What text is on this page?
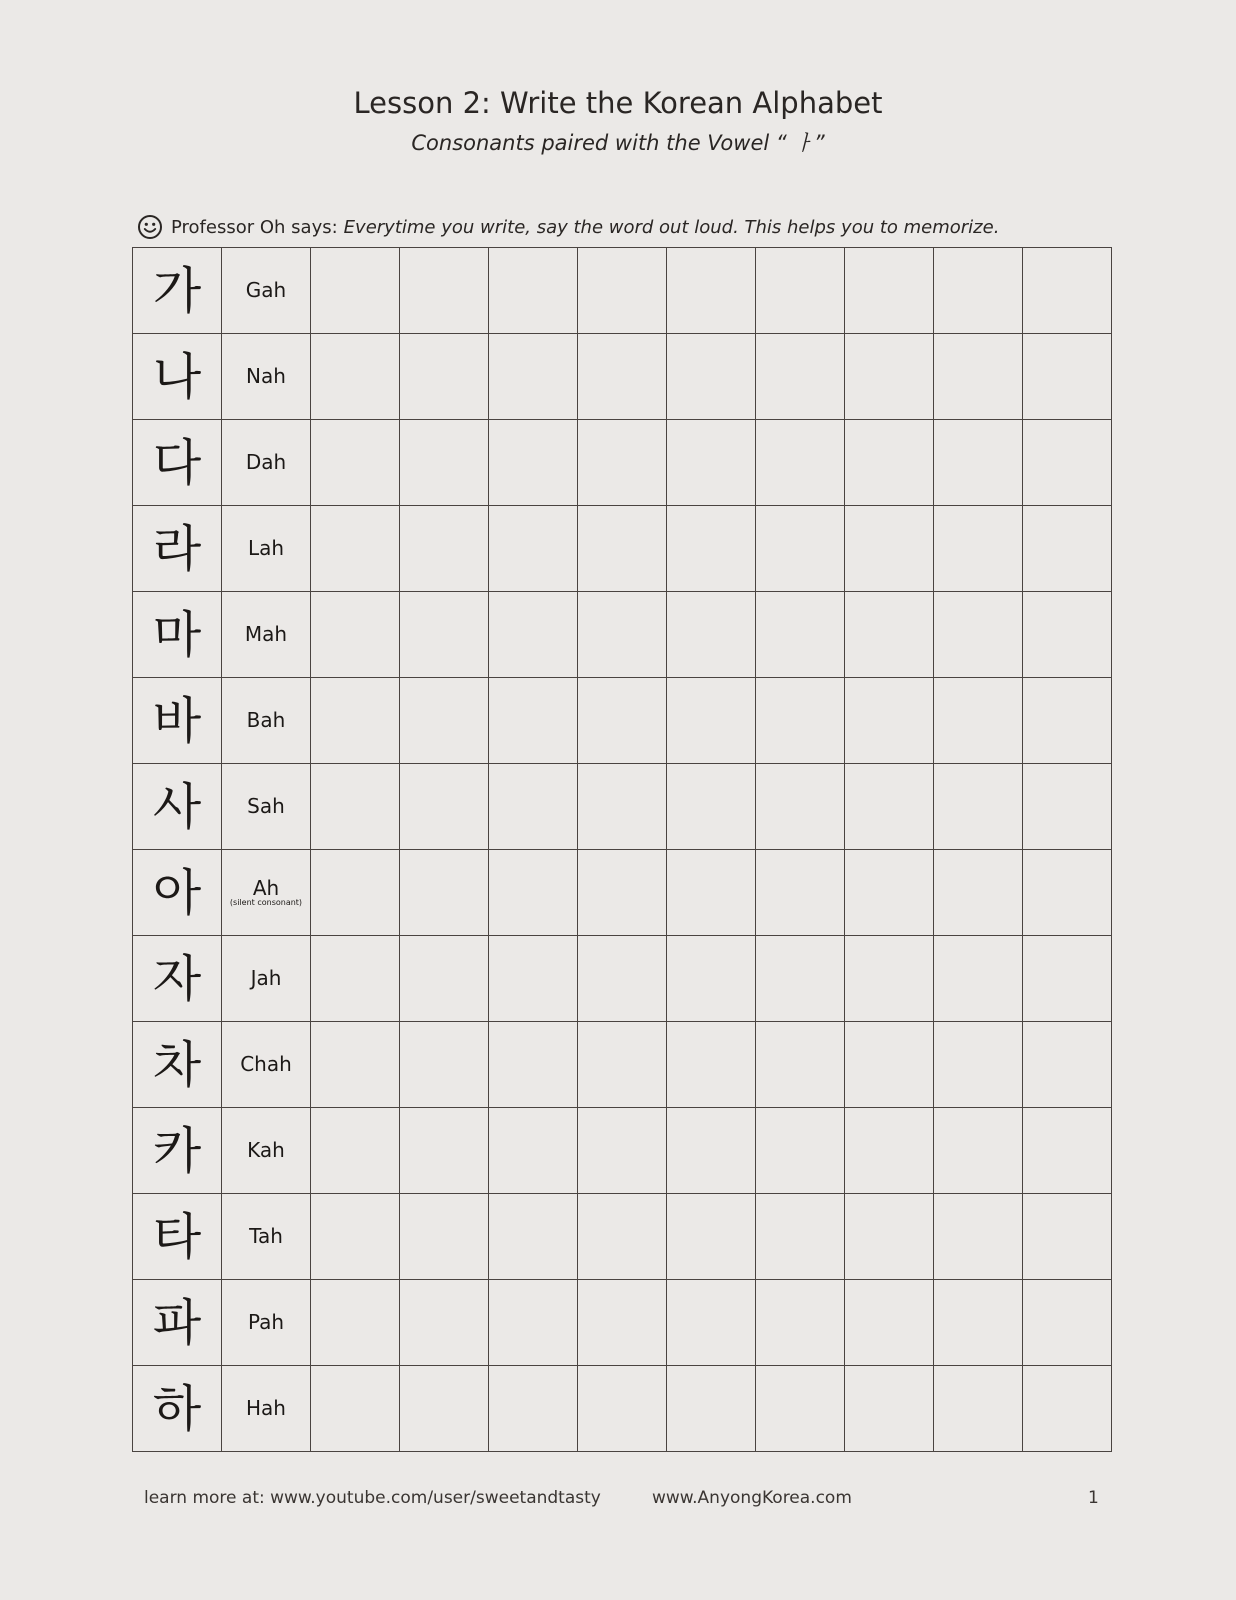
Lesson 2: Write the Korean Alphabet
Consonants paired with the Vowel “ ㅏ”
Professor Oh says: Everytime you write, say the word out loud. This helps you to memorize.
가	Gah									
나	Nah									
다	Dah									
라	Lah									
마	Mah									
바	Bah									
사	Sah									
아	Ah
(silent consonant)									

자	Jah									
차	Chah									
카	Kah									
타	Tah									
파	Pah									
하	Hah									
learn more at: www.youtube.com/user/sweetandtasty	www.AnyongKorea.com	1
